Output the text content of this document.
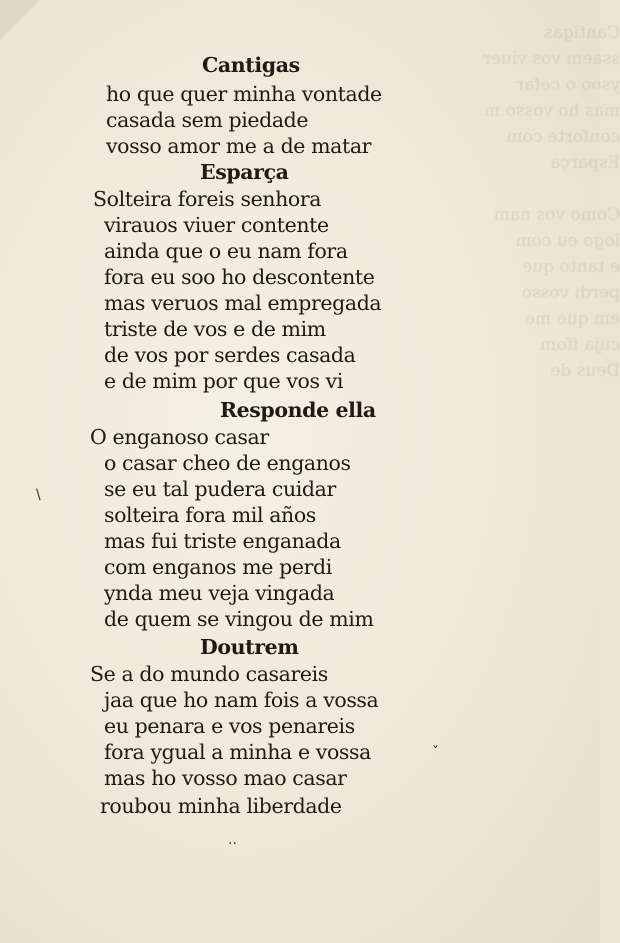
Cantigas
ssaem vos viuer
ysoo o cefar
mas ho vosso m
conforte com
Esparça

Como vos nam
logo eu com
e tanto que
perdi vosso
em que me
cuja ffom
Deus de

Cantigas
ho que quer minha vontade
casada sem piedade
vosso amor me a de matar
Esparça
Solteira forеis senhora
virauos viuer contente
ainda que o eu nam fora
fora eu soo ho descontente
mas veruos mal empregada
triste de vos e de mim
de vos por serdes casada
e de mim por que vos vi
Responde ella
O enganoso casar
o casar cheo de enganos
se eu tal pudera cuidar
solteira fora mil años
mas fui triste enganada
com enganos me perdi
ynda meu veja vingada
de quem se vingou de mim
Doutrem
Se a do mundo casareis
jaa que ho nam fois a vossa
eu penara e vos penareis
fora ygual a minha e vossa
mas ho vosso mao casar
roubou minha liberdade
\
ˇ
..
